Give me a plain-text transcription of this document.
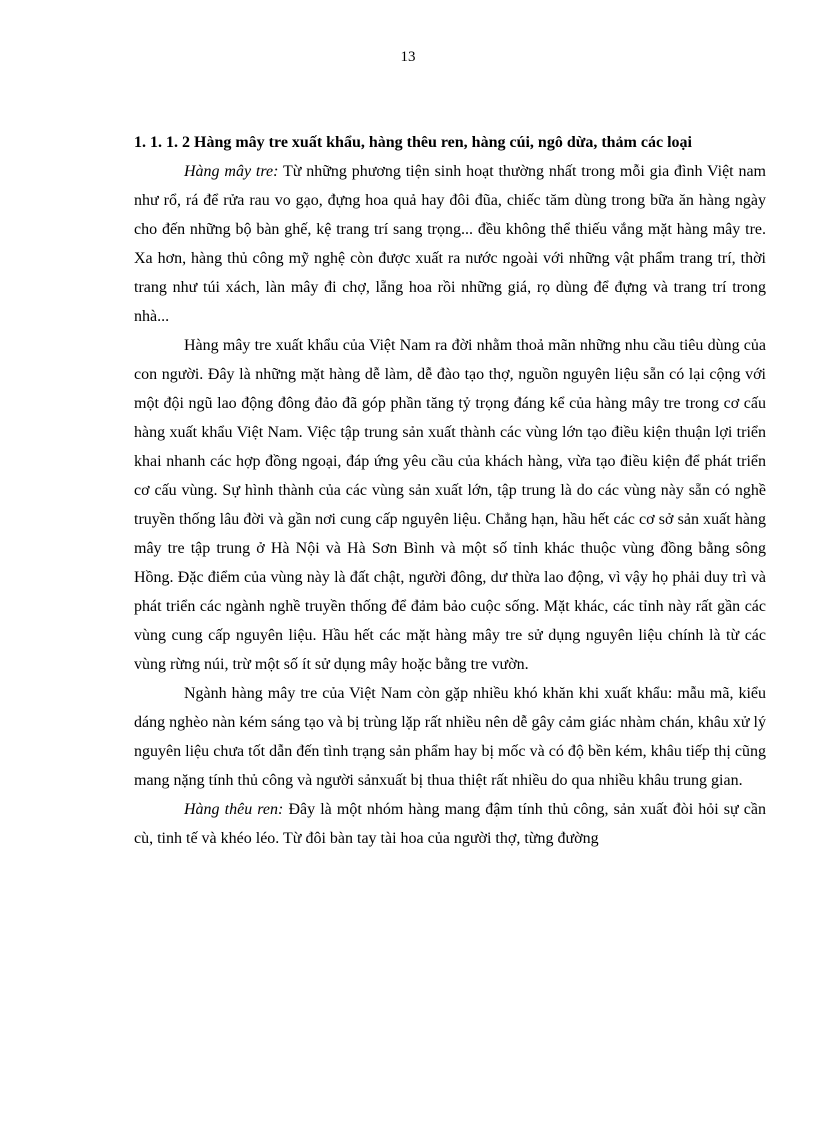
13

1. 1. 1. 2 Hàng mây tre xuất khẩu, hàng thêu ren, hàng cúi, ngô dừa, thảm các loại

Hàng mây tre: Từ những phương tiện sinh hoạt thường nhất trong mỗi gia đình Việt nam như rổ, rá để rửa rau vo gạo, đựng hoa quả hay đôi đũa, chiếc tăm dùng trong bữa ăn hàng ngày cho đến những bộ bàn ghế, kệ trang trí sang trọng... đều không thể thiếu vắng mặt hàng mây tre. Xa hơn, hàng thủ công mỹ nghệ còn được xuất ra nước ngoài với những vật phẩm trang trí, thời trang như túi xách, làn mây đi chợ, lẵng hoa rồi những giá, rọ dùng để đựng và trang trí trong nhà...

Hàng mây tre xuất khẩu của Việt Nam ra đời nhằm thoả mãn những nhu cầu tiêu dùng của con người. Đây là những mặt hàng dễ làm, dễ đào tạo thợ, nguồn nguyên liệu sẵn có lại cộng với một đội ngũ lao động đông đảo đã góp phần tăng tỷ trọng đáng kể của hàng mây tre trong cơ cấu hàng xuất khẩu Việt Nam. Việc tập trung sản xuất thành các vùng lớn tạo điều kiện thuận lợi triển khai nhanh các hợp đồng ngoại, đáp ứng yêu cầu của khách hàng, vừa tạo điều kiện để phát triển cơ cấu vùng. Sự hình thành của các vùng sản xuất lớn, tập trung là do các vùng này sẵn có nghề truyền thống lâu đời và gần nơi cung cấp nguyên liệu. Chẳng hạn, hầu hết các cơ sở sản xuất hàng mây tre tập trung ở Hà Nội và Hà Sơn Bình và một số tỉnh khác thuộc vùng đồng bằng sông Hồng. Đặc điểm của vùng này là đất chật, người đông, dư thừa lao động, vì vậy họ phải duy trì và phát triển các ngành nghề truyền thống để đảm bảo cuộc sống. Mặt khác, các tỉnh này rất gần các vùng cung cấp nguyên liệu. Hầu hết các mặt hàng mây tre sử dụng nguyên liệu chính là từ các vùng rừng núi, trừ một số ít sử dụng mây hoặc bằng tre vườn.

Ngành hàng mây tre của Việt Nam còn gặp nhiều khó khăn khi xuất khẩu: mẫu mã, kiểu dáng nghèo nàn kém sáng tạo và bị trùng lặp rất nhiều nên dễ gây cảm giác nhàm chán, khâu xử lý nguyên liệu chưa tốt dẫn đến tình trạng sản phẩm hay bị mốc và có độ bền kém, khâu tiếp thị cũng mang nặng tính thủ công và người sảnxuất bị thua thiệt rất nhiều do qua nhiều khâu trung gian.

Hàng thêu ren: Đây là một nhóm hàng mang đậm tính thủ công, sản xuất đòi hỏi sự cần cù, tinh tế và khéo léo. Từ đôi bàn tay tài hoa của người thợ, từng đường
